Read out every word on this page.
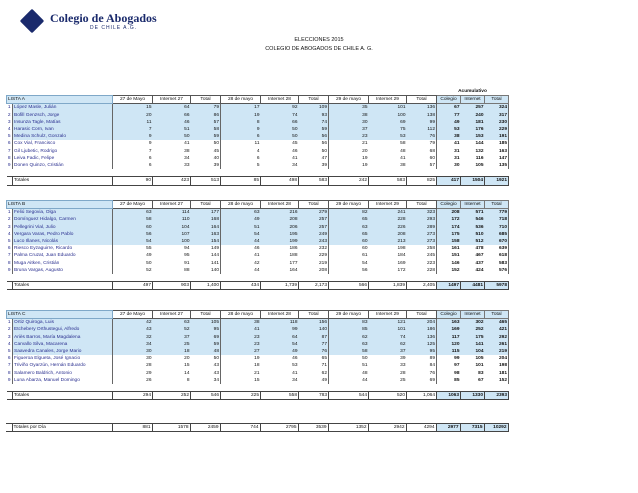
Colegio de Abogados
DE CHILE A.G.
ELECCIONES 2015
COLEGIO DE ABOGADOS DE CHILE A. G.
											Acumulativo		
LISTA A		27 de Mayo	Internet 27	Total	28 de mayo	Internet 28	Total	29 de mayo	Internet 29	Total	Colegio	Internet	Total
1	López Masle, Julián	15	64	79	17	92	109	35	101	136	67	257	324
2	Bofill Genzsch, Jorge	20	66	86	19	74	93	38	100	138	77	240	317
3	Insunza Tagle, Matías	11	46	57	8	66	74	30	69	99	49	181	230
4	Harasic Corn, Ivan	7	51	58	9	50	59	37	75	112	53	176	229
5	Medina Schulz, Gonzalo	9	50	59	6	50	56	23	53	76	38	153	191
6	Cox Vial, Francisco	9	41	50	11	45	56	21	58	79	41	144	185
7	Gil Ljubetic, Rodrigo	7	38	45	4	46	50	20	48	68	31	132	163
8	Leiva Fadic, Felipe	6	34	40	6	41	47	19	41	60	31	116	147
9	Donen Quinzo, Cristián	6	33	39	5	34	39	19	38	57	30	105	135

	Totales	90	423	513	85	498	583	242	583	825	417	1504	1921
LISTA B		27 de Mayo	Internet 27	Total	28 de mayo	Internet 28	Total	29 de mayo	Internet 29	Total	Colegio	Internet	Total
1	Feliú Segovia, Olga	63	114	177	63	216	279	82	241	323	208	571	779
2	Domínguez Hidalgo, Carmen	58	110	168	49	208	257	65	228	293	172	546	718
3	Pellegrini Vial, Julio	60	104	164	51	206	257	63	226	289	174	536	710
4	Vergara Varas, Pedro Pablo	56	107	163	54	195	249	65	208	273	175	510	685
5	Luco Illanes, Nicolás	54	100	154	44	199	243	60	213	273	158	512	670
6	Riesco Eyzaguirre, Ricardo	55	94	149	46	186	232	60	198	258	161	478	639
7	Palma Cruzat, Juan Eduardo	49	95	144	41	188	229	61	184	245	151	467	618
8	Muga Aitken, Cristián	50	91	141	42	177	219	54	169	223	146	437	583
9	Bruna Vargas, Augusto	52	88	140	44	164	208	56	172	228	152	424	576

	Totales	497	903	1,400	434	1,739	2,173	566	1,839	2,405	1497	4481	5978
LISTA C		27 de Mayo	Internet 27	Total	28 de mayo	Internet 28	Total	29 de mayo	Internet 29	Total	Colegio	Internet	Total
1	Ortiz Quiroga, Luis	42	63	105	38	118	156	83	121	204	163	302	465
2	Etchebery Orthustegui, Alfredo	43	52	95	41	99	140	85	101	186	169	252	421
3	Ariès Barros, María Magdalena	32	37	69	23	64	87	62	74	136	117	175	292
4	Carvallo Silva, Macarena	34	25	59	23	54	77	63	62	125	120	141	261
5	Saavedra Canales, Jorge Mario	30	18	48	27	49	76	58	37	95	115	104	219
6	Figueroa Elgueta, José Ignacio	30	20	50	19	46	65	50	39	89	99	105	204
7	Triviño Oyarzún, Hernán Eduardo	28	15	43	18	53	71	51	33	84	97	101	198
8	Salamero Baldrich, Antonio	29	14	43	21	41	62	48	28	76	98	83	181
9	Luna Abarza, Manuel Domingo	26	8	34	15	34	49	44	25	69	85	67	152

	Totales	294	252	546	225	558	783	544	520	1,064	1063	1330	2393
	Totales por Día	881	1578	2459	744	2795	3539	1352	2942	4294	2977	7315	10292
